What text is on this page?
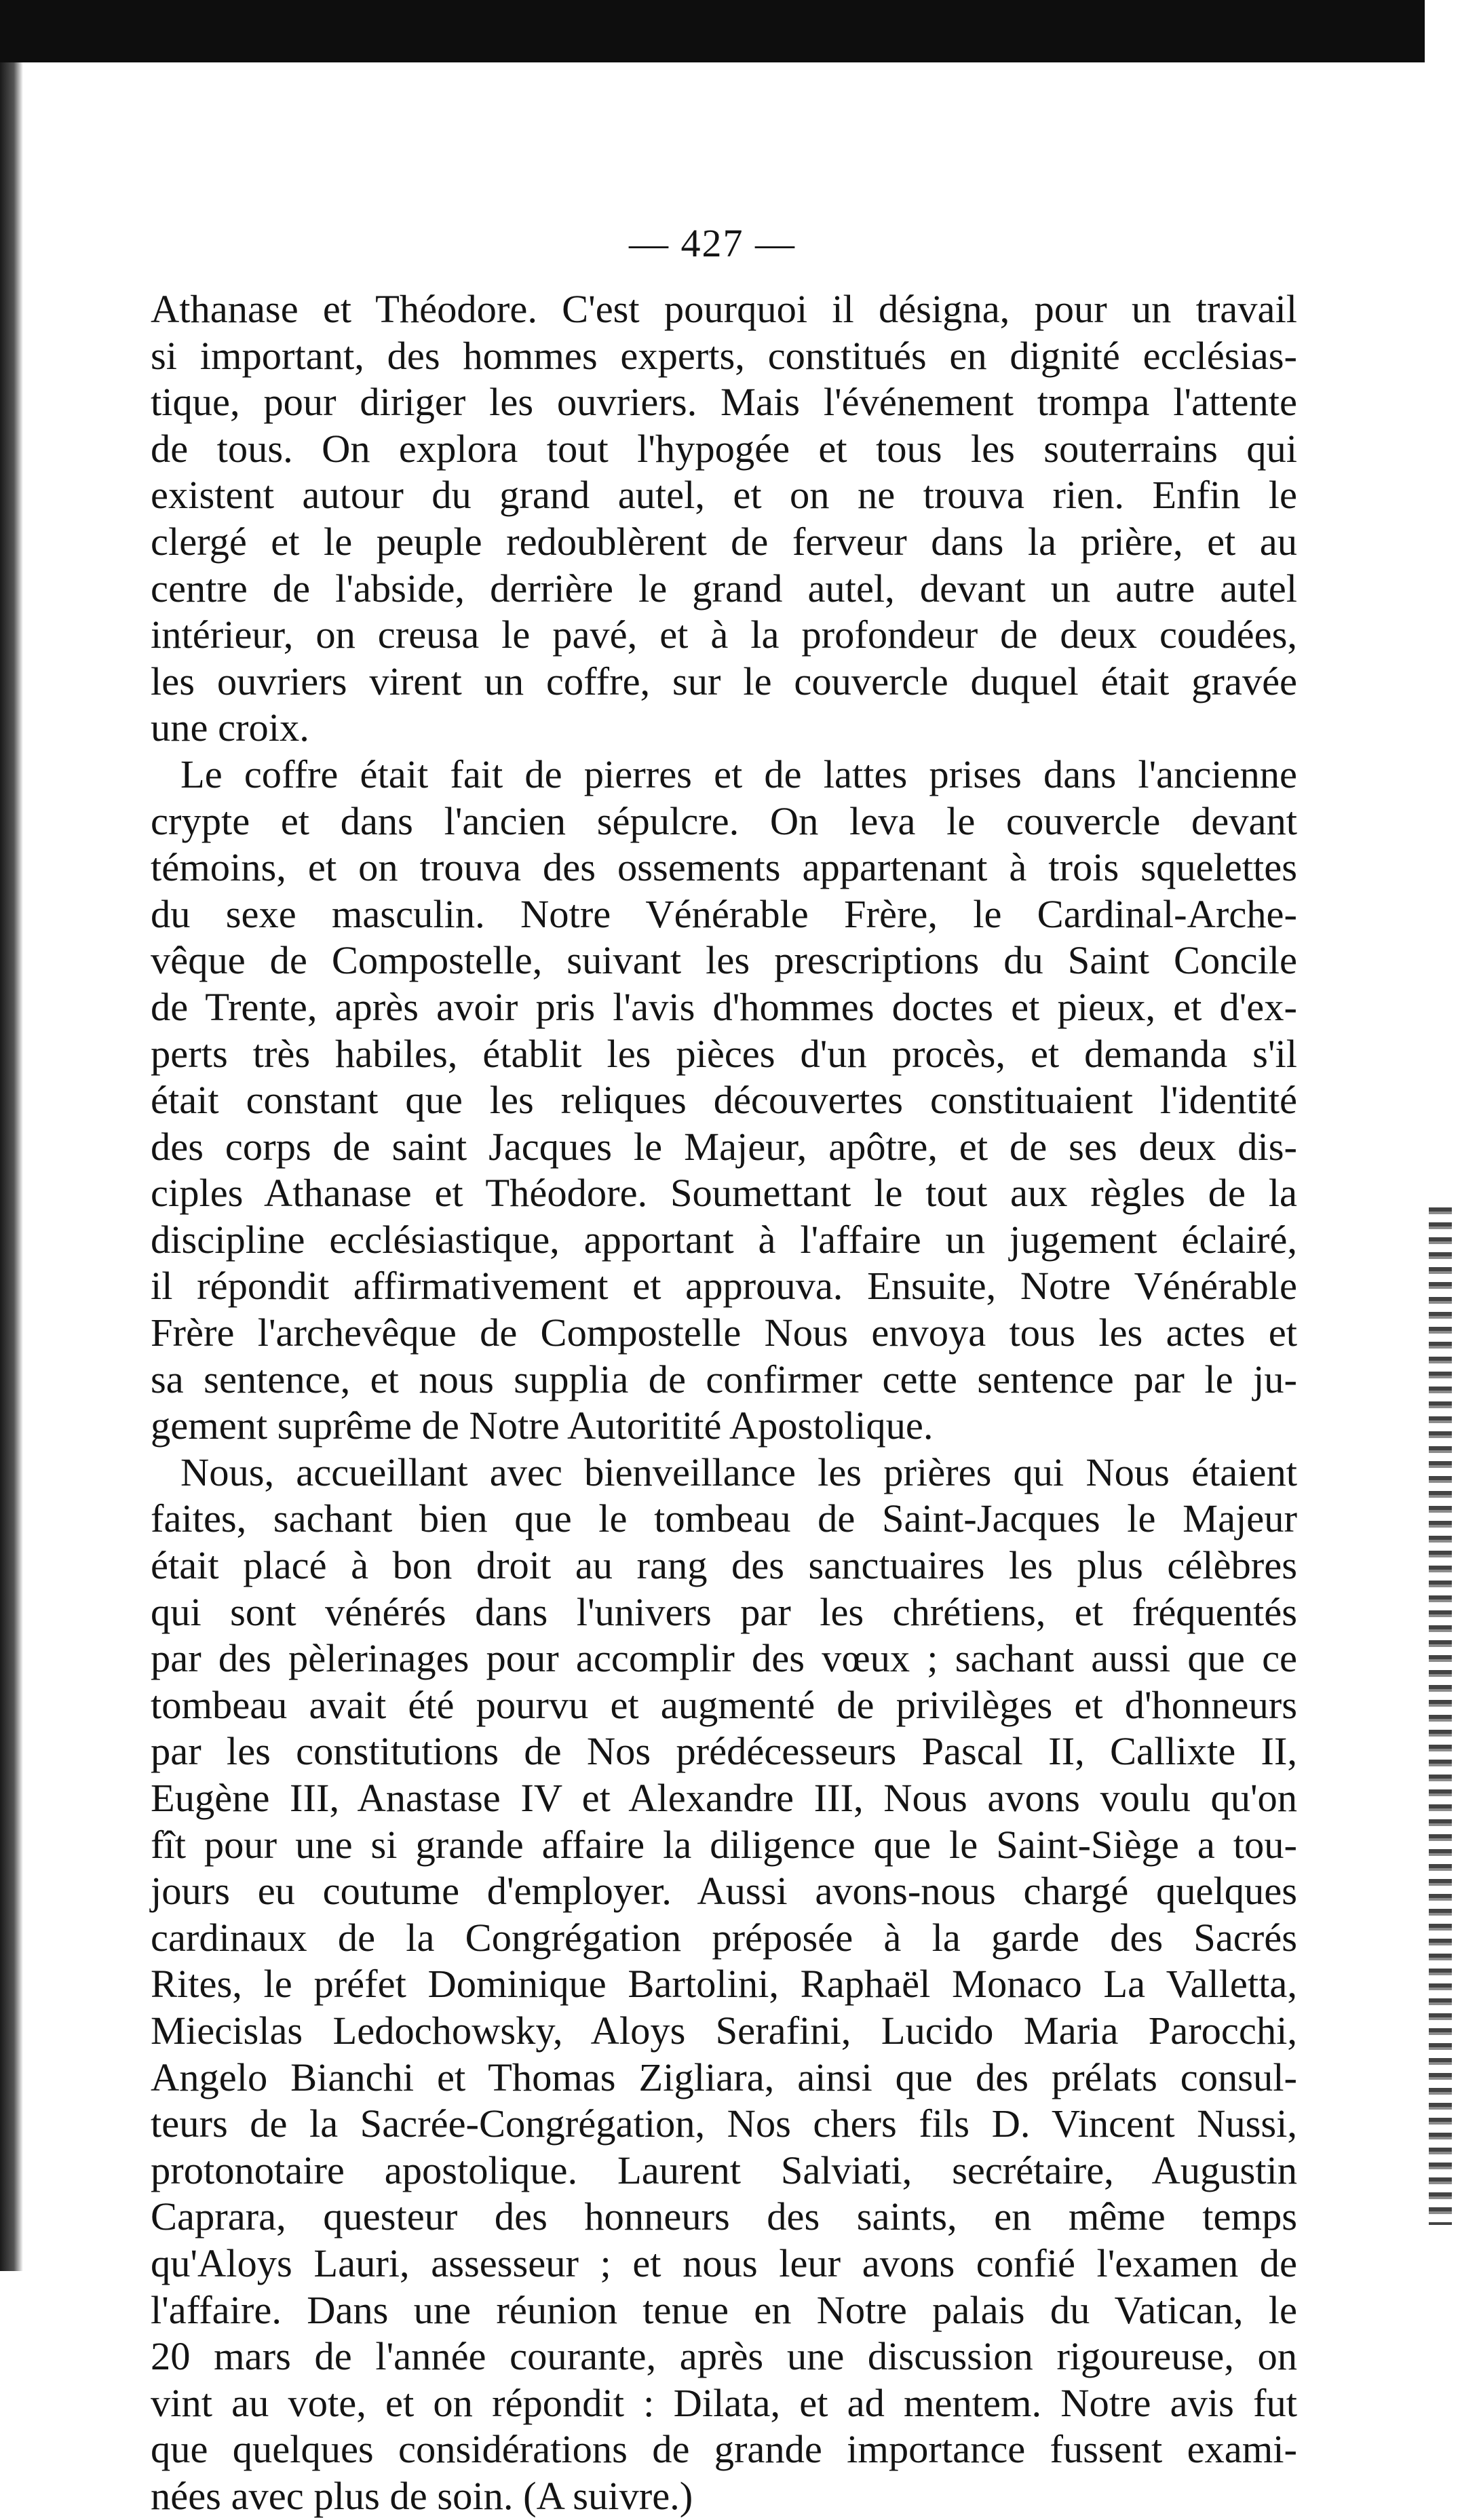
— 427 —
Athanase et Théodore. C'est pourquoi il désigna, pour un travail
si important, des hommes experts, constitués en dignité ecclésias-
tique, pour diriger les ouvriers. Mais l'événement trompa l'attente
de tous. On explora tout l'hypogée et tous les souterrains qui
existent autour du grand autel, et on ne trouva rien. Enfin le
clergé et le peuple redoublèrent de ferveur dans la prière, et au
centre de l'abside, derrière le grand autel, devant un autre autel
intérieur, on creusa le pavé, et à la profondeur de deux coudées,
les ouvriers virent un coffre, sur le couvercle duquel était gravée
une croix.
Le coffre était fait de pierres et de lattes prises dans l'ancienne
crypte et dans l'ancien sépulcre. On leva le couvercle devant
témoins, et on trouva des ossements appartenant à trois squelettes
du sexe masculin. Notre Vénérable Frère, le Cardinal-Arche-
vêque de Compostelle, suivant les prescriptions du Saint Concile
de Trente, après avoir pris l'avis d'hommes doctes et pieux, et d'ex-
perts très habiles, établit les pièces d'un procès, et demanda s'il
était constant que les reliques découvertes constituaient l'identité
des corps de saint Jacques le Majeur, apôtre, et de ses deux dis-
ciples Athanase et Théodore. Soumettant le tout aux règles de la
discipline ecclésiastique, apportant à l'affaire un jugement éclairé,
il répondit affirmativement et approuva. Ensuite, Notre Vénérable
Frère l'archevêque de Compostelle Nous envoya tous les actes et
sa sentence, et nous supplia de confirmer cette sentence par le ju-
gement suprême de Notre Autoritité Apostolique.
Nous, accueillant avec bienveillance les prières qui Nous étaient
faites, sachant bien que le tombeau de Saint-Jacques le Majeur
était placé à bon droit au rang des sanctuaires les plus célèbres
qui sont vénérés dans l'univers par les chrétiens, et fréquentés
par des pèlerinages pour accomplir des vœux ; sachant aussi que ce
tombeau avait été pourvu et augmenté de privilèges et d'honneurs
par les constitutions de Nos prédécesseurs Pascal II, Callixte II,
Eugène III, Anastase IV et Alexandre III, Nous avons voulu qu'on
fît pour une si grande affaire la diligence que le Saint-Siège a tou-
jours eu coutume d'employer. Aussi avons-nous chargé quelques
cardinaux de la Congrégation préposée à la garde des Sacrés
Rites, le préfet Dominique Bartolini, Raphaël Monaco La Valletta,
Miecislas Ledochowsky, Aloys Serafini, Lucido Maria Parocchi,
Angelo Bianchi et Thomas Zigliara, ainsi que des prélats consul-
teurs de la Sacrée-Congrégation, Nos chers fils D. Vincent Nussi,
protonotaire apostolique. Laurent Salviati, secrétaire, Augustin
Caprara, questeur des honneurs des saints, en même temps
qu'Aloys Lauri, assesseur ; et nous leur avons confié l'examen de
l'affaire. Dans une réunion tenue en Notre palais du Vatican, le
20 mars de l'année courante, après une discussion rigoureuse, on
vint au vote, et on répondit : Dilata, et ad mentem. Notre avis fut
que quelques considérations de grande importance fussent exami-
nées avec plus de soin. (A suivre.)
